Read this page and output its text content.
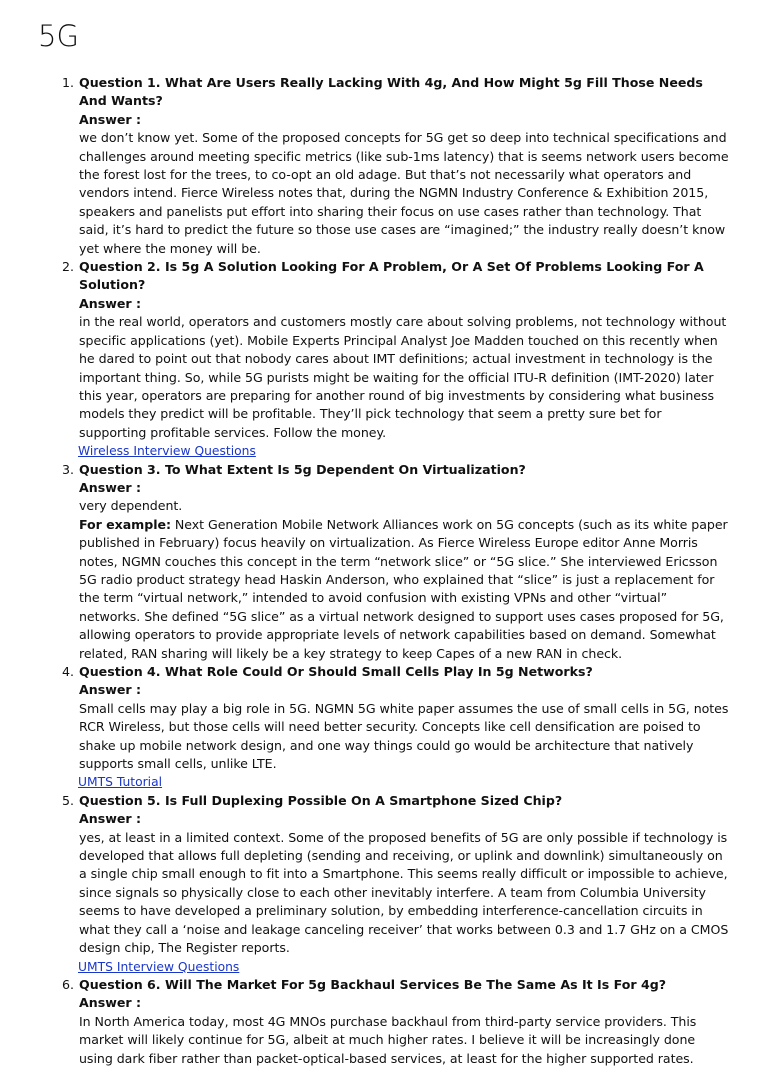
5G
1. Question 1. What Are Users Really Lacking With 4g, And How Might 5g Fill Those Needs And Wants?
Answer :
we don’t know yet. Some of the proposed concepts for 5G get so deep into technical specifications and challenges around meeting specific metrics (like sub-1ms latency) that is seems network users become the forest lost for the trees, to co-opt an old adage. But that’s not necessarily what operators and vendors intend. Fierce Wireless notes that, during the NGMN Industry Conference & Exhibition 2015, speakers and panelists put effort into sharing their focus on use cases rather than technology. That said, it’s hard to predict the future so those use cases are “imagined;” the industry really doesn’t know yet where the money will be.
2. Question 2. Is 5g A Solution Looking For A Problem, Or A Set Of Problems Looking For A Solution?
Answer :
in the real world, operators and customers mostly care about solving problems, not technology without specific applications (yet). Mobile Experts Principal Analyst Joe Madden touched on this recently when he dared to point out that nobody cares about IMT definitions; actual investment in technology is the important thing. So, while 5G purists might be waiting for the official ITU-R definition (IMT-2020) later this year, operators are preparing for another round of big investments by considering what business models they predict will be profitable. They’ll pick technology that seem a pretty sure bet for supporting profitable services. Follow the money.
Wireless Interview Questions
3. Question 3. To What Extent Is 5g Dependent On Virtualization?
Answer :
very dependent.
For example: Next Generation Mobile Network Alliances work on 5G concepts (such as its white paper published in February) focus heavily on virtualization. As Fierce Wireless Europe editor Anne Morris notes, NGMN couches this concept in the term “network slice” or “5G slice.” She interviewed Ericsson 5G radio product strategy head Haskin Anderson, who explained that “slice” is just a replacement for the term “virtual network,” intended to avoid confusion with existing VPNs and other “virtual” networks. She defined “5G slice” as a virtual network designed to support uses cases proposed for 5G, allowing operators to provide appropriate levels of network capabilities based on demand. Somewhat related, RAN sharing will likely be a key strategy to keep Capes of a new RAN in check.
4. Question 4. What Role Could Or Should Small Cells Play In 5g Networks?
Answer :
Small cells may play a big role in 5G. NGMN 5G white paper assumes the use of small cells in 5G, notes RCR Wireless, but those cells will need better security. Concepts like cell densification are poised to shake up mobile network design, and one way things could go would be architecture that natively supports small cells, unlike LTE.
UMTS Tutorial
5. Question 5. Is Full Duplexing Possible On A Smartphone Sized Chip?
Answer :
yes, at least in a limited context. Some of the proposed benefits of 5G are only possible if technology is developed that allows full depleting (sending and receiving, or uplink and downlink) simultaneously on a single chip small enough to fit into a Smartphone. This seems really difficult or impossible to achieve, since signals so physically close to each other inevitably interfere. A team from Columbia University seems to have developed a preliminary solution, by embedding interference-cancellation circuits in what they call a ‘noise and leakage canceling receiver’ that works between 0.3 and 1.7 GHz on a CMOS design chip, The Register reports.
UMTS Interview Questions
6. Question 6. Will The Market For 5g Backhaul Services Be The Same As It Is For 4g?
Answer :
In North America today, most 4G MNOs purchase backhaul from third-party service providers. This market will likely continue for 5G, albeit at much higher rates. I believe it will be increasingly done using dark fiber rather than packet-optical-based services, at least for the higher supported rates.
